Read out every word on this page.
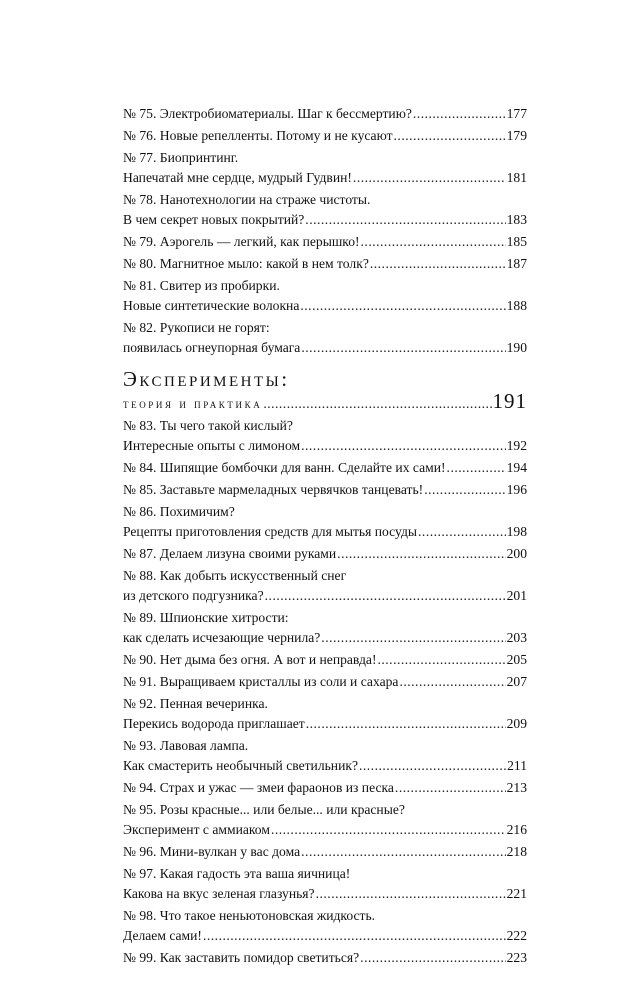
№ 75. Электробиоматериалы. Шаг к бессмертию? .....	177
№ 76. Новые репелленты. Потому и не кусают .....	179
№ 77. Биопринтинг.
Напечатай мне сердце, мудрый Гудвин! .....	181
№ 78. Нанотехнологии на страже чистоты.
В чем секрет новых покрытий? .....	183
№ 79. Аэрогель — легкий, как перышко! .....	185
№ 80. Магнитное мыло: какой в нем толк? .....	187
№ 81. Свитер из пробирки.
Новые синтетические волокна .....	188
№ 82. Рукописи не горят:
появилась огнеупорная бумага .....	190
Эксперименты:
теория и практика .....	191
№ 83. Ты чего такой кислый?
Интересные опыты с лимоном .....	192
№ 84. Шипящие бомбочки для ванн. Сделайте их сами! .....	194
№ 85. Заставьте мармеладных червячков танцевать! .....	196
№ 86. Похимичим?
Рецепты приготовления средств для мытья посуды .....	198
№ 87. Делаем лизуна своими руками .....	200
№ 88. Как добыть искусственный снег
из детского подгузника? .....	201
№ 89. Шпионские хитрости:
как сделать исчезающие чернила? .....	203
№ 90. Нет дыма без огня. А вот и неправда! .....	205
№ 91. Выращиваем кристаллы из соли и сахара .....	207
№ 92. Пенная вечеринка.
Перекись водорода приглашает .....	209
№ 93. Лавовая лампа.
Как смастерить необычный светильник? .....	211
№ 94. Страх и ужас — змеи фараонов из песка .....	213
№ 95. Розы красные... или белые... или красные?
Эксперимент с аммиаком .....	216
№ 96. Мини-вулкан у вас дома .....	218
№ 97. Какая гадость эта ваша яичница!
Какова на вкус зеленая глазунья? .....	221
№ 98. Что такое неньютоновская жидкость.
Делаем сами! .....	222
№ 99. Как заставить помидор светиться? .....	223
